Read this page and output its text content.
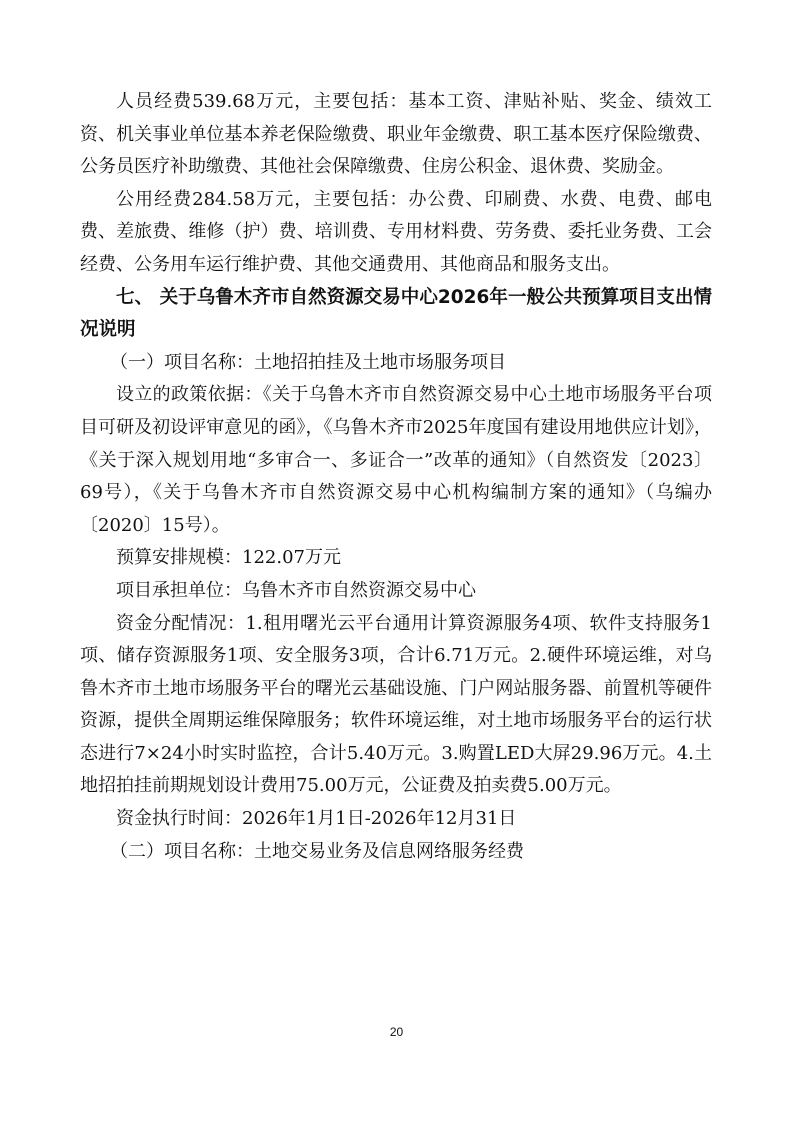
人员经费539.68万元，主要包括：基本工资、津贴补贴、奖金、绩效工资、机关事业单位基本养老保险缴费、职业年金缴费、职工基本医疗保险缴费、公务员医疗补助缴费、其他社会保障缴费、住房公积金、退休费、奖励金。

公用经费284.58万元，主要包括：办公费、印刷费、水费、电费、邮电费、差旅费、维修（护）费、培训费、专用材料费、劳务费、委托业务费、工会经费、公务用车运行维护费、其他交通费用、其他商品和服务支出。

七、 关于乌鲁木齐市自然资源交易中心2026年一般公共预算项目支出情况说明

（一）项目名称：土地招拍挂及土地市场服务项目

设立的政策依据：《关于乌鲁木齐市自然资源交易中心土地市场服务平台项目可研及初设评审意见的函》，《乌鲁木齐市2025年度国有建设用地供应计划》，《关于深入规划用地“多审合一、多证合一”改革的通知》（自然资发〔2023〕69号），《关于乌鲁木齐市自然资源交易中心机构编制方案的通知》（乌编办〔2020〕15号）。

预算安排规模：122.07万元

项目承担单位：乌鲁木齐市自然资源交易中心

资金分配情况：1.租用曙光云平台通用计算资源服务4项、软件支持服务1项、储存资源服务1项、安全服务3项，合计6.71万元。2.硬件环境运维，对乌鲁木齐市土地市场服务平台的曙光云基础设施、门户网站服务器、前置机等硬件资源，提供全周期运维保障服务；软件环境运维，对土地市场服务平台的运行状态进行7×24小时实时监控，合计5.40万元。3.购置LED大屏29.96万元。4.土地招拍挂前期规划设计费用75.00万元，公证费及拍卖费5.00万元。

资金执行时间：2026年1月1日-2026年12月31日

（二）项目名称：土地交易业务及信息网络服务经费

20
